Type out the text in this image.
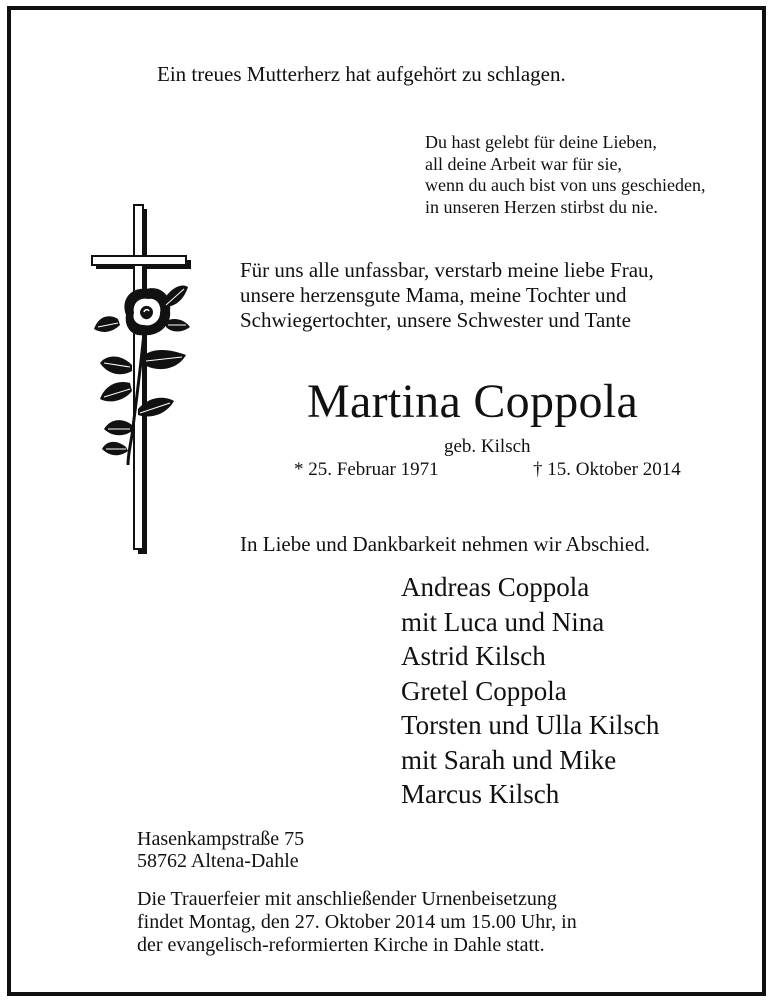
Ein treues Mutterherz hat aufgehört zu schlagen.
Du hast gelebt für deine Lieben,
all deine Arbeit war für sie,
wenn du auch bist von uns geschieden,
in unseren Herzen stirbst du nie.
Für uns alle unfassbar, verstarb meine liebe Frau,
unsere herzensgute Mama, meine Tochter und
Schwiegertochter, unsere Schwester und Tante
Martina Coppola
geb. Kilsch
* 25. Februar 1971	† 15. Oktober 2014
In Liebe und Dankbarkeit nehmen wir Abschied.
Andreas Coppola
mit Luca und Nina
Astrid Kilsch
Gretel Coppola
Torsten und Ulla Kilsch
mit Sarah und Mike
Marcus Kilsch
Hasenkampstraße 75
58762 Altena-Dahle
Die Trauerfeier mit anschließender Urnenbeisetzung
findet Montag, den 27. Oktober 2014 um 15.00 Uhr, in
der evangelisch-reformierten Kirche in Dahle statt.
